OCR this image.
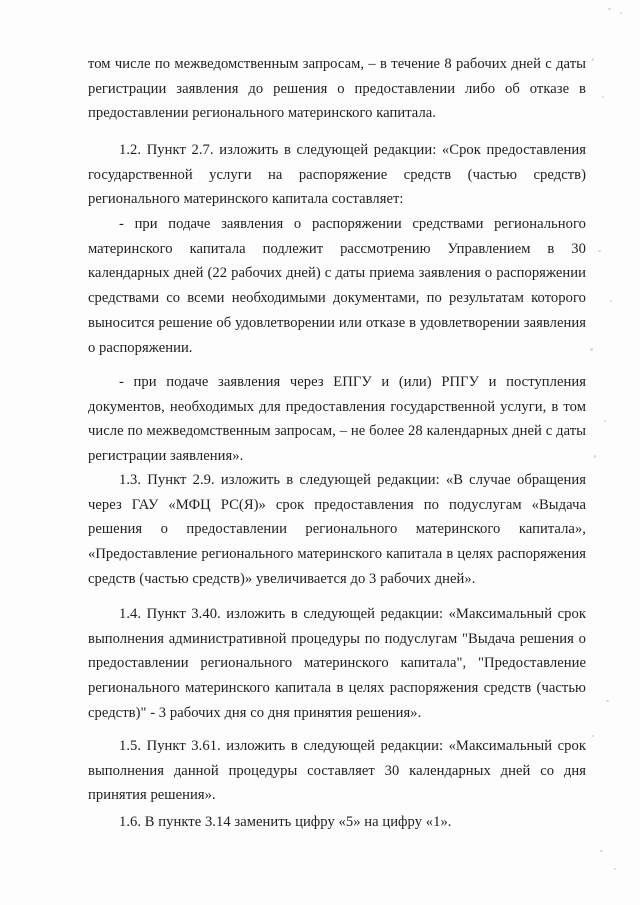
том числе по межведомственным запросам, – в течение 8 рабочих дней с даты регистрации заявления до решения о предоставлении либо об отказе в предоставлении регионального материнского капитала.

1.2. Пункт 2.7. изложить в следующей редакции: «Срок предоставления государственной услуги на распоряжение средств (частью средств) регионального материнского капитала составляет:

- при подаче заявления о распоряжении средствами регионального материнского капитала подлежит рассмотрению Управлением в 30 календарных дней (22 рабочих дней) с даты приема заявления о распоряжении средствами со всеми необходимыми документами, по результатам которого выносится решение об удовлетворении или отказе в удовлетворении заявления о распоряжении.

- при подаче заявления через ЕПГУ и (или) РПГУ и поступления документов, необходимых для предоставления государственной услуги, в том числе по межведомственным запросам, – не более 28 календарных дней с даты регистрации заявления».

1.3. Пункт 2.9. изложить в следующей редакции: «В случае обращения через ГАУ «МФЦ РС(Я)» срок предоставления по подуслугам «Выдача решения о предоставлении регионального материнского капитала», «Предоставление регионального материнского капитала в целях распоряжения средств (частью средств)» увеличивается до 3 рабочих дней».

1.4. Пункт 3.40. изложить в следующей редакции: «Максимальный срок выполнения административной процедуры по подуслугам "Выдача решения о предоставлении регионального материнского капитала", "Предоставление регионального материнского капитала в целях распоряжения средств (частью средств)" - 3 рабочих дня со дня принятия решения».

1.5. Пункт 3.61. изложить в следующей редакции: «Максимальный срок выполнения данной процедуры составляет 30 календарных дней со дня принятия решения».

1.6. В пункте 3.14 заменить цифру «5» на цифру «1».
